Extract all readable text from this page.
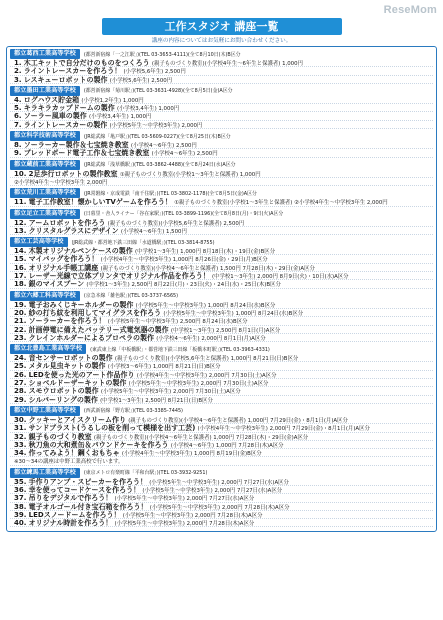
ReseMom
工作スタジオ 講座一覧
講座の内容についてはお気軽にお問い合わせください。
都立葛西工業高等学校	(都営新宿線「一之江駅」)(TEL 03-3653-4111)(全て8月10日(木)B区分
1. 木工キットで自分だけのものをつくろう (親子ものづくり教室)(小学校4年生～6年生と保護者) 1,000円
2. ライントレースカーを作ろう！ (小学校5,6年生) 2,500円
3. レスキューロボットの製作 (小学校5,6年生) 2,500円
都立墨田工業高等学校	(都営新宿線「菊川駅」)(TEL 03-3631-4928)(全て8月5日(金)A区分
4. ログハウス貯金箱 (小学校1,2年生) 1,000円
5. キラキラカップドームの製作 (小学校3,4年生) 1,000円
6. ソーラー風車の製作 (小学校3,4年生) 1,000円
7. ライントレースカーの製作 (小学校5年生～中学校3年生) 2,000円
都立科学技術高等学校	(JR総武線「亀戸駅」)(TEL 03-5609-0227)(全て8月25日(木)B区分
8. ソーラーカー製作＆七宝焼き教室 (小学校4～6年生) 2,500円
9. ブレッドボード電子工作＆七宝焼き教室 (小学校4～6年生) 2,500円
都立蔵前工業高等学校	(JR総武線「浅草橋駅」)(TEL 03-3862-4488)(全て8月24日(水)A区分
10. 2足歩行ロボットの製作教室 ①親子ものづくり教室(小学校1～3年生と保護者) 1,000円
②小学校4年生～中学校3年生 2,000円
都立荒川工業高等学校	(JR常磐線・京成電鉄「南千住駅」)(TEL 03-3802-1178)(全て8月5日(金)A区分
11. 電子工作教室！懐かしいTVゲームを作ろう！ ①親子ものづくり教室(小学校1～3年生と保護者) ②小学校4年生～中学校3年生 2,000円
都立足立工業高等学校	(日暮里・舎人ライナー「谷在家駅」)(TEL 03-3899-1196)(全て8月8日(月)・9日(火)A区分
12. アームロボットを作ろう (親子ものづくり教室)(小学校5,6年生と保護者) 2,500円
13. クリスタルグラスにデザイン (小学校4～6年生) 1,500円
都立工芸高等学校	(JR総武線・都営地下鉄三田線「水道橋駅」)(TEL 03-3814-8755)
14. 木製オリジナルペンケースの製作 (中学校1～3年生) 1,000円 8月18日(木)・19日(金)B区分
15. マイバッグを作ろう！ (小学校4年生～中学校3年生) 1,000円 8月26日(金)・29日(月)B区分
16. オリジナル手帳工講座 (親子ものづくり教室)(小学校4～6年生と保護者) 1,500円 7月28日(木)・29日(金)A区分
17. レーザー光線で立体プリンタでオリジナル作品を作ろう！ (中学校1～3年生) 2,000円 8月9日(火)・10日(水)A区分
18. 銀のマイスプーン (中学校1～3年生) 2,500円 8月22日(月)・23日(火)・24日(水)・25日(木)B区分
都立六郷工科高等学校	(京急本線「雑色駅」)(TEL 03-3737-6565)
19. 電子おみくじキーホルダーの製作 (小学校5年生～中学校3年生) 1,000円 8月24日(水)B区分
20. 紗の打ち紋を利用してマイグラスを作ろう (小学校5年生～中学校3年生) 1,000円 8月24日(水)B区分
21. ソーラーカーを作ろう！ (小学校5年生～中学校3年生) 2,500円 8月24日(水)B区分
22. 計画停電に備えたバッテリー式電気器の製作 (中学校1～3年生) 2,500円 8月1日(月)A区分
23. クレインホルダーによるプロペラの製作 (小学校4～6年生) 2,000円 8月1日(月)A区分
都立北豊島工業高等学校	(東武東上線「中板橋駅」・都営地下鉄三田線「板橋本町駅」)(TEL 03-3963-4331)
24. 音センサーロボットの製作 (親子ものづくり教室)(小学校5,6年生と保護者) 1,000円 8月21日(日)B区分
25. メタル見虫キットの製作 (小学校3～6年生) 1,000円 8月21日(日)B区分
26. LEDを使った光のアート作品作り (小学校4年生～中学校3年生) 2,000円 7月30日(土)A区分
27. ショベルドーザーキットの製作 (小学校5年生～中学校3年生) 2,000円 7月30日(土)A区分
28. スモウロボットの製作 (小学校5年生～中学校3年生) 2,000円 7月30日(土)A区分
29. シルバーリングの製作 (中学校1～3年生) 2,500円 8月21日(日)B区分
都立中野工業高等学校	(西武新宿線「野方駅」)(TEL 03-3385-7445)
30. クッキーとアイスクリーム作り (親子ものづくり教室)(小学校4～6年生と保護者) 1,000円 7月29日(金)・8月1日(月)A区分
31. サンドブラスト(うるしの板を削って模様を出す工芸) (小学校4年生～中学校3年生) 2,000円 7月29日(金)・8月1日(月)A区分
32. 親子ものづくり教室 (親子ものづくり教室)(小学校4～6年生と保護者) 1,000円 7月28日(木)・29日(金)A区分
33. 秋刀魚の大和煮缶＆パウンドケーキを作ろう (小学校4～6年生) 1,000円 7月28日(木)A区分
34. 作ってみよう！鋼くおもちゃ (小学校4年生～中学校3年生) 1,000円 8月19日(金)B区分
※30～34の講座は中野工業高校で行います。
都立練馬工業高等学校	(東京メトロ有楽町線「平和台駅」)(TEL 03-3932-9251)
35. 手作りアンプ・スピーカーを作ろう！ (小学校5年生～中学校3年生) 2,000円 7月27日(水)A区分
36. 幸を使ってコードケースを作ろう！ (小学校5年生～中学校3年生) 2,000円 7月27日(水)A区分
37. 吊りをデジタルで作ろう！ (小学校5年生～中学校3年生) 2,000円 7月27日(水)A区分
38. 電子オルゴール付き宝石箱を作ろう！ (小学校5年生～中学校3年生) 2,000円 7月28日(木)A区分
39. LEDスノードームを作ろう！ (小学校5年生～中学校3年生) 2,000円 7月28日(木)A区分
40. オリジナル時計を作ろう！ (小学校5年生～中学校3年生) 2,000円 7月28日(木)A区分
